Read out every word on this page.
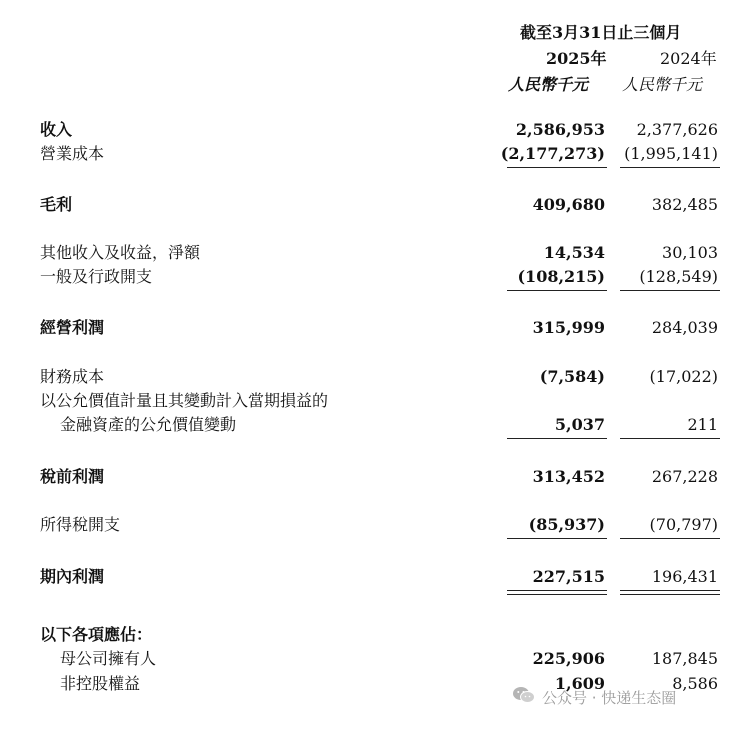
截至3月31日止三個月
2025年	2024年
人民幣千元 人民幣千元
收入	2,586,953	2,377,626
營業成本	(2,177,273)	(1,995,141)
毛利	409,680	382,485
其他收入及收益，淨額	14,534	30,103
一般及行政開支	(108,215)	(128,549)
經營利潤	315,999	284,039
財務成本	(7,584)	(17,022)
以公允價值計量且其變動計入當期損益的
金融資產的公允價值變動	5,037	211
稅前利潤	313,452	267,228
所得稅開支	(85,937)	(70,797)
期內利潤	227,515	196,431
以下各項應佔：
母公司擁有人	225,906	187,845
非控股權益	1,609	8,586
公众号 · 快递生态圈
